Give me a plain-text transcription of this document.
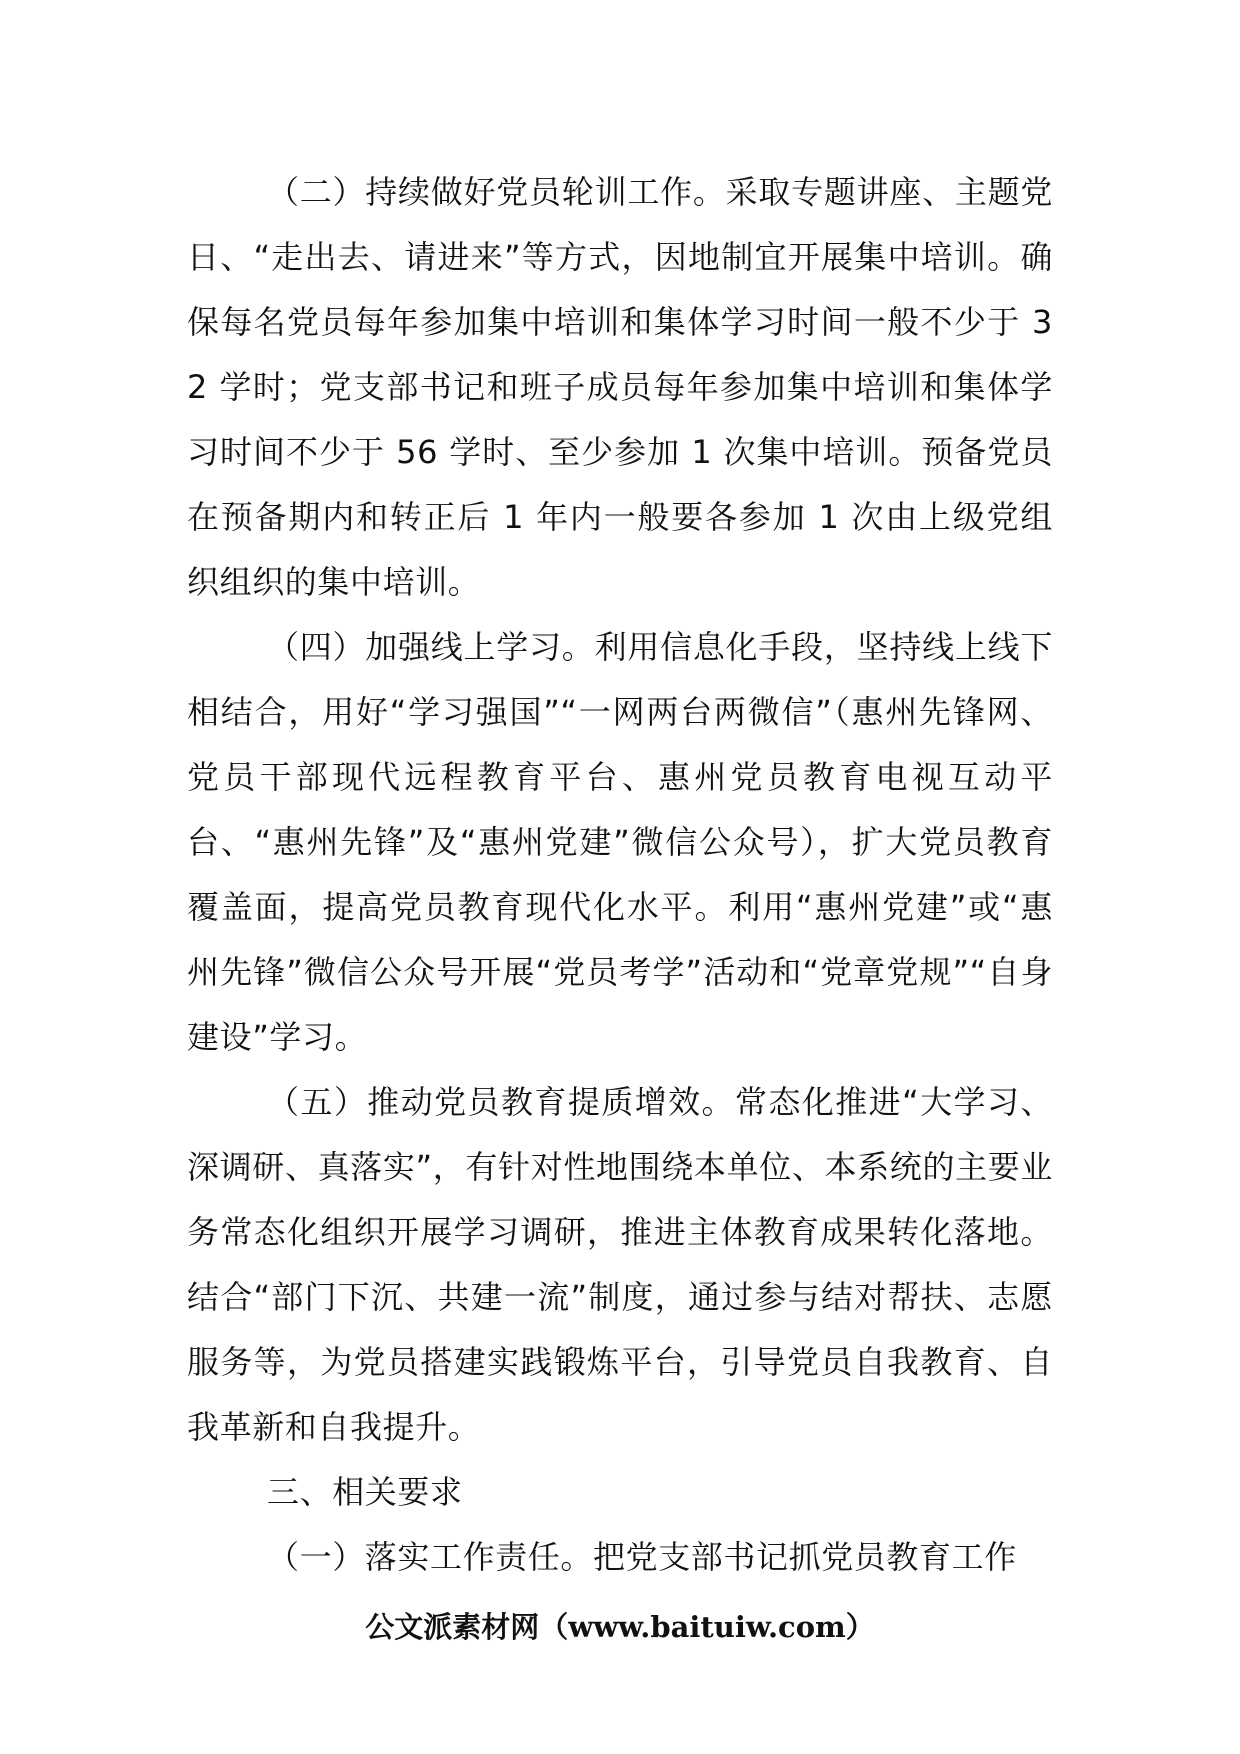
（二）持续做好党员轮训工作。采取专题讲座、主题党日、“走出去、请进来”等方式，因地制宜开展集中培训。确保每名党员每年参加集中培训和集体学习时间一般不少于 32 学时；党支部书记和班子成员每年参加集中培训和集体学习时间不少于 56 学时、至少参加 1 次集中培训。预备党员在预备期内和转正后 1 年内一般要各参加 1 次由上级党组织组织的集中培训。

（四）加强线上学习。利用信息化手段，坚持线上线下相结合，用好“学习强国”“一网两台两微信”（惠州先锋网、党员干部现代远程教育平台、惠州党员教育电视互动平台、“惠州先锋”及“惠州党建”微信公众号），扩大党员教育覆盖面，提高党员教育现代化水平。利用“惠州党建”或“惠州先锋”微信公众号开展“党员考学”活动和“党章党规”“自身建设”学习。

（五）推动党员教育提质增效。常态化推进“大学习、深调研、真落实”，有针对性地围绕本单位、本系统的主要业务常态化组织开展学习调研，推进主体教育成果转化落地。结合“部门下沉、共建一流”制度，通过参与结对帮扶、志愿服务等，为党员搭建实践锻炼平台，引导党员自我教育、自我革新和自我提升。

三、相关要求

（一）落实工作责任。把党支部书记抓党员教育工作

公文派素材网（www.baituiw.com）
